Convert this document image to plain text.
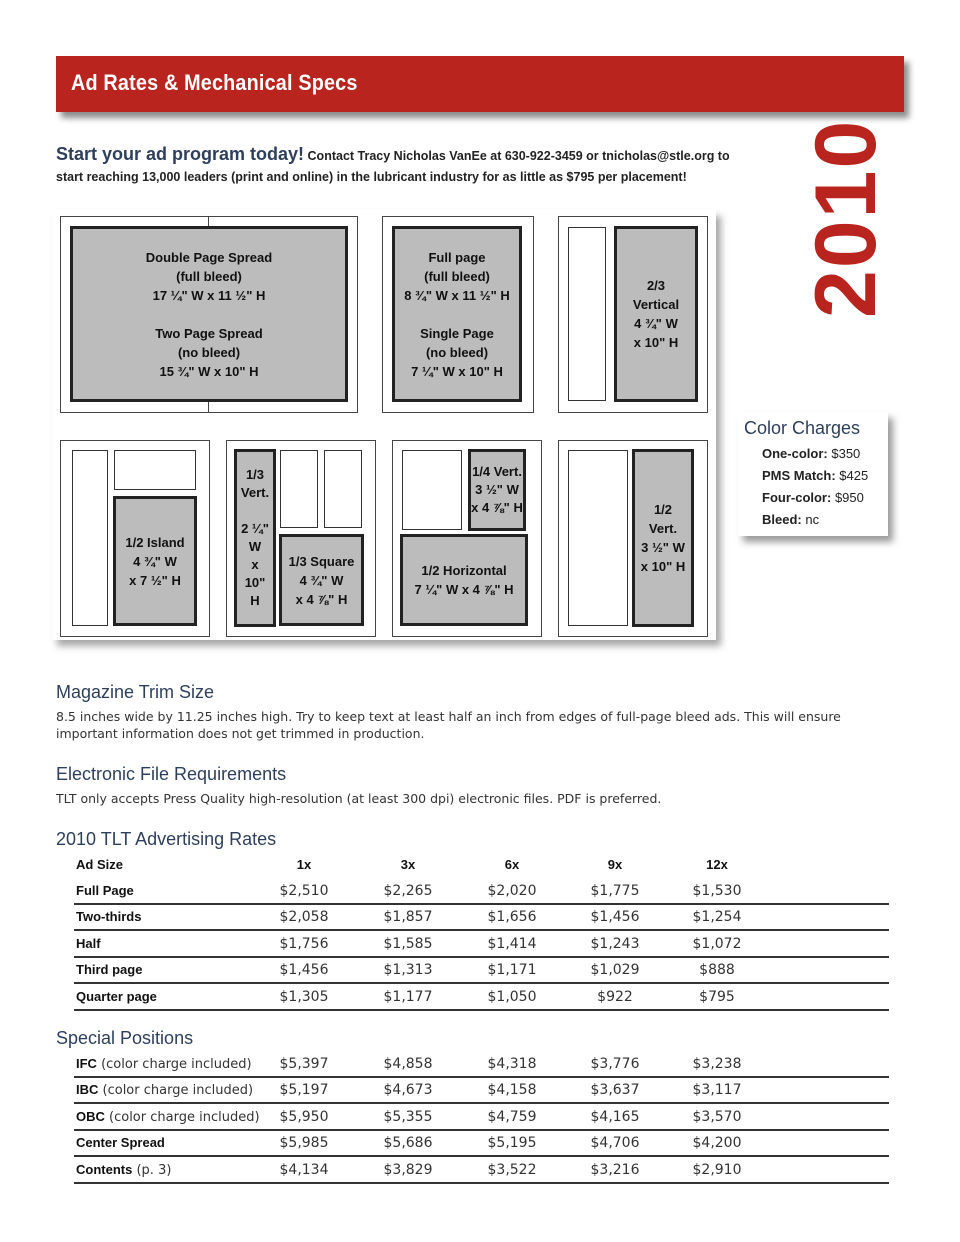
Ad Rates & Mechanical Specs
2010
Start your ad program today! Contact Tracy Nicholas VanEe at 630-922-3459 or tnicholas@stle.org to
start reaching 13,000 leaders (print and online) in the lubricant industry for as little as $795 per placement!
Double Page Spread
(full bleed)
17 ¼" W x 11 ½" H

Two Page Spread
(no bleed)
15 ¾" W x 10" H
Full page
(full bleed)
8 ¾" W x 11 ½" H

Single Page
(no bleed)
7 ¼" W x 10" H
2/3
Vertical
4 ¾" W
x 10" H
1/2 Island
4 ¾" W
x 7 ½" H
1/3
Vert.

2 ¼"
W
x
10"
H
1/3 Square
4 ¾" W
x 4 ⅞" H
1/4 Vert.
3 ½" W
x 4 ⅞" H
1/2 Horizontal
7 ¼" W x 4 ⅞" H
1/2
Vert.
3 ½" W
x 10" H
Color Charges
One-color: $350
PMS Match: $425
Four-color: $950
Bleed: nc
Magazine Trim Size
8.5 inches wide by 11.25 inches high. Try to keep text at least half an inch from edges of full-page bleed ads. This will ensure important information does not get trimmed in production.
Electronic File Requirements
TLT only accepts Press Quality high-resolution (at least 300 dpi) electronic files. PDF is preferred.
2010 TLT Advertising Rates
Ad Size	1x	3x	6x	9x	12x
Full Page	$2,510	$2,265	$2,020	$1,775	$1,530
Two-thirds	$2,058	$1,857	$1,656	$1,456	$1,254
Half	$1,756	$1,585	$1,414	$1,243	$1,072
Third page	$1,456	$1,313	$1,171	$1,029	$888
Quarter page	$1,305	$1,177	$1,050	$922	$795
Special Positions
IFC (color charge included)	$5,397	$4,858	$4,318	$3,776	$3,238
IBC (color charge included)	$5,197	$4,673	$4,158	$3,637	$3,117
OBC (color charge included)	$5,950	$5,355	$4,759	$4,165	$3,570
Center Spread	$5,985	$5,686	$5,195	$4,706	$4,200
Contents (p. 3)	$4,134	$3,829	$3,522	$3,216	$2,910
